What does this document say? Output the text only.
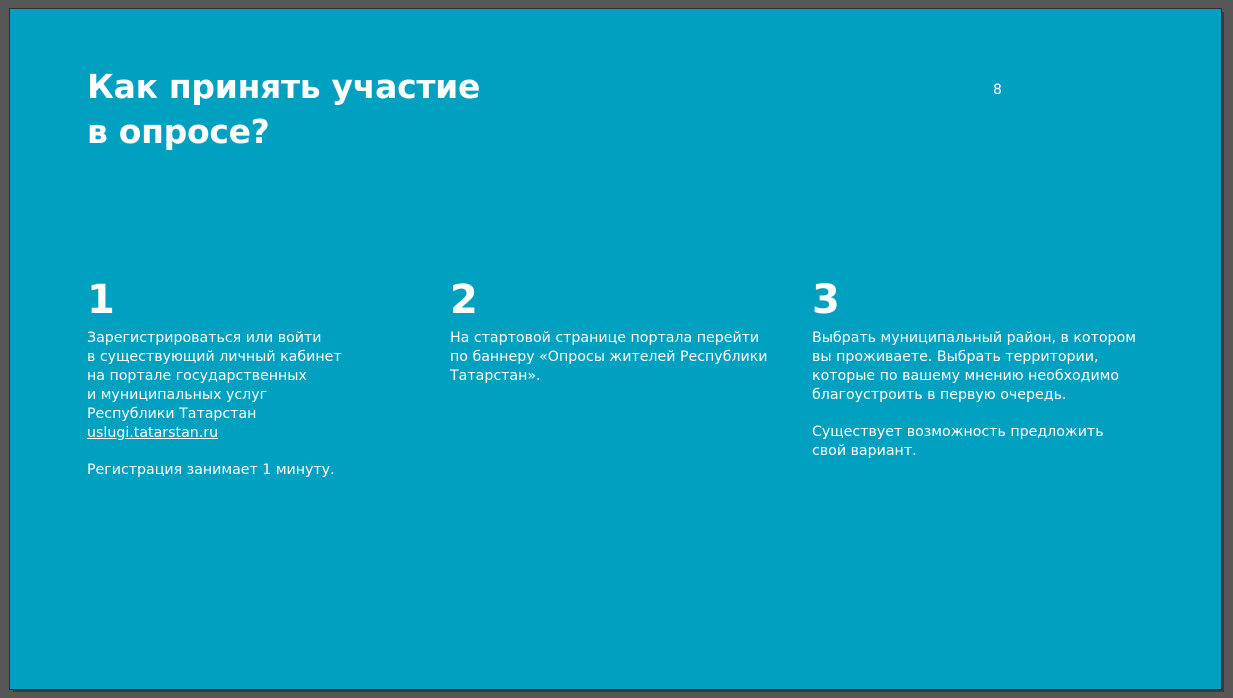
Как принять участие
в опросе?
8
1

Зарегистрироваться или войти
в существующий личный кабинет
на портале государственных
и муниципальных услуг
Республики Татарстан
uslugi.tatarstan.ru

Регистрация занимает 1 минуту.

2

На стартовой странице портала перейти
по баннеру «Опросы жителей Республики
Татарстан».

3

Выбрать муниципальный район, в котором
вы проживаете. Выбрать территории,
которые по вашему мнению необходимо
благоустроить в первую очередь.

Существует возможность предложить
свой вариант.
